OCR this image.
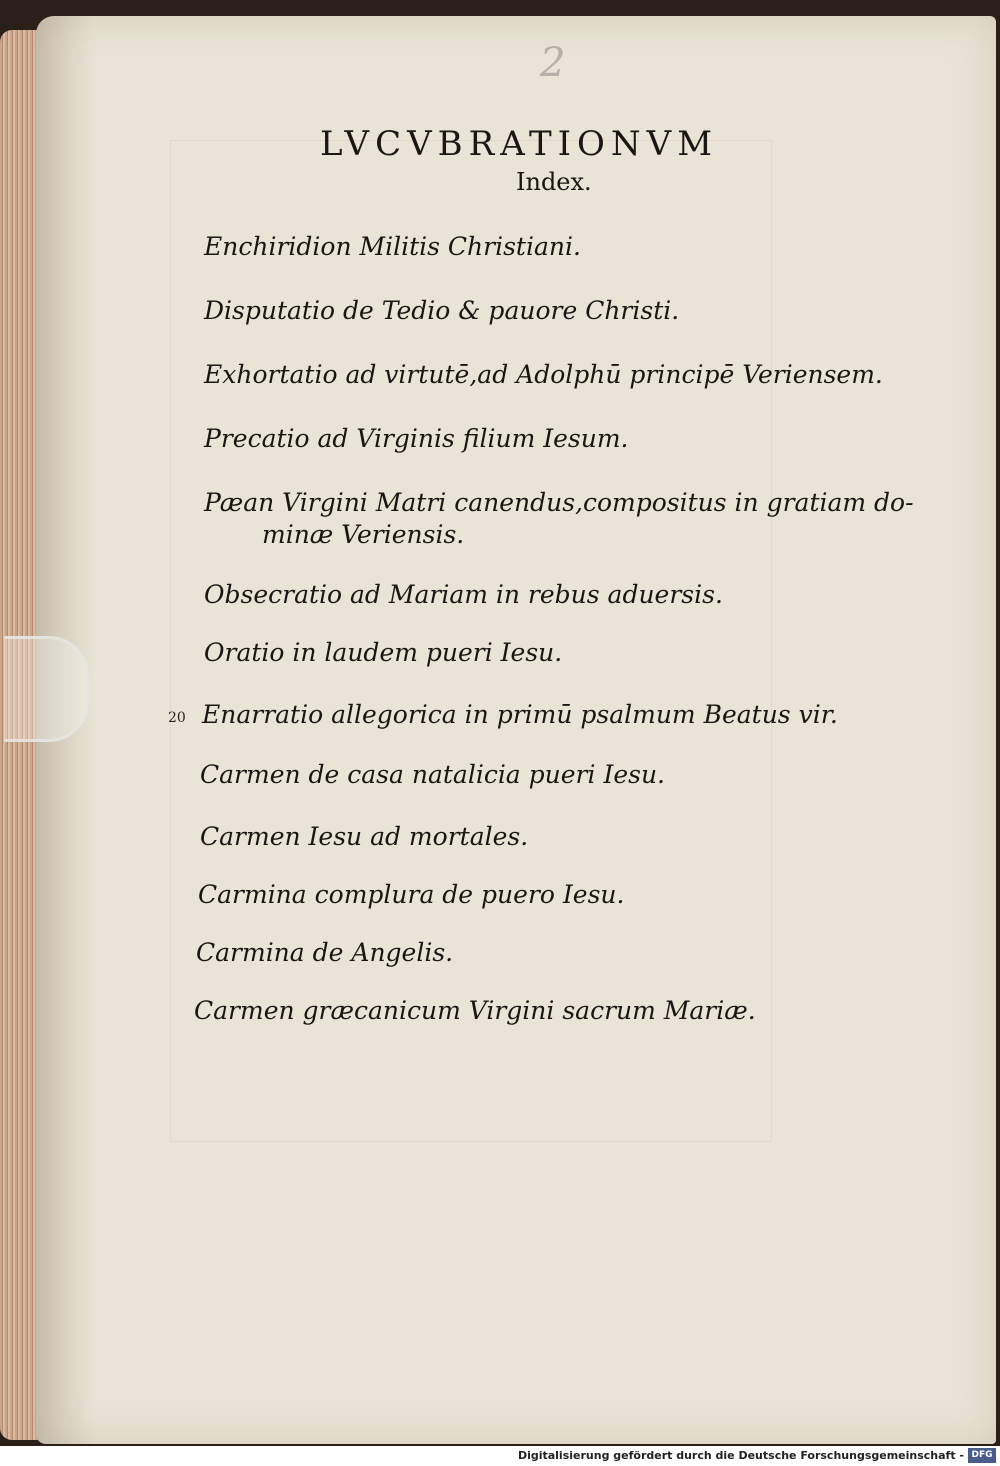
2
LVCVBRATIONVM
Index.
Enchiridion Militis Christiani.
Disputatio de Tedio & pauore Christi.
Exhortatio ad virtutē,ad Adolphū principē Veriensem.
Precatio ad Virginis filium Iesum.
Pæan Virgini Matri canendus,compositus in gratiam do-
minæ Veriensis.
Obsecratio ad Mariam in rebus aduersis.
Oratio in laudem pueri Iesu.
20 Enarratio allegorica in primū psalmum Beatus vir.
Carmen de casa natalicia pueri Iesu.
Carmen Iesu ad mortales.
Carmina complura de puero Iesu.
Carmina de Angelis.
Carmen græcanicum Virgini sacrum Mariæ.
Digitalisierung gefördert durch die Deutsche Forschungsgemeinschaft - DFG
